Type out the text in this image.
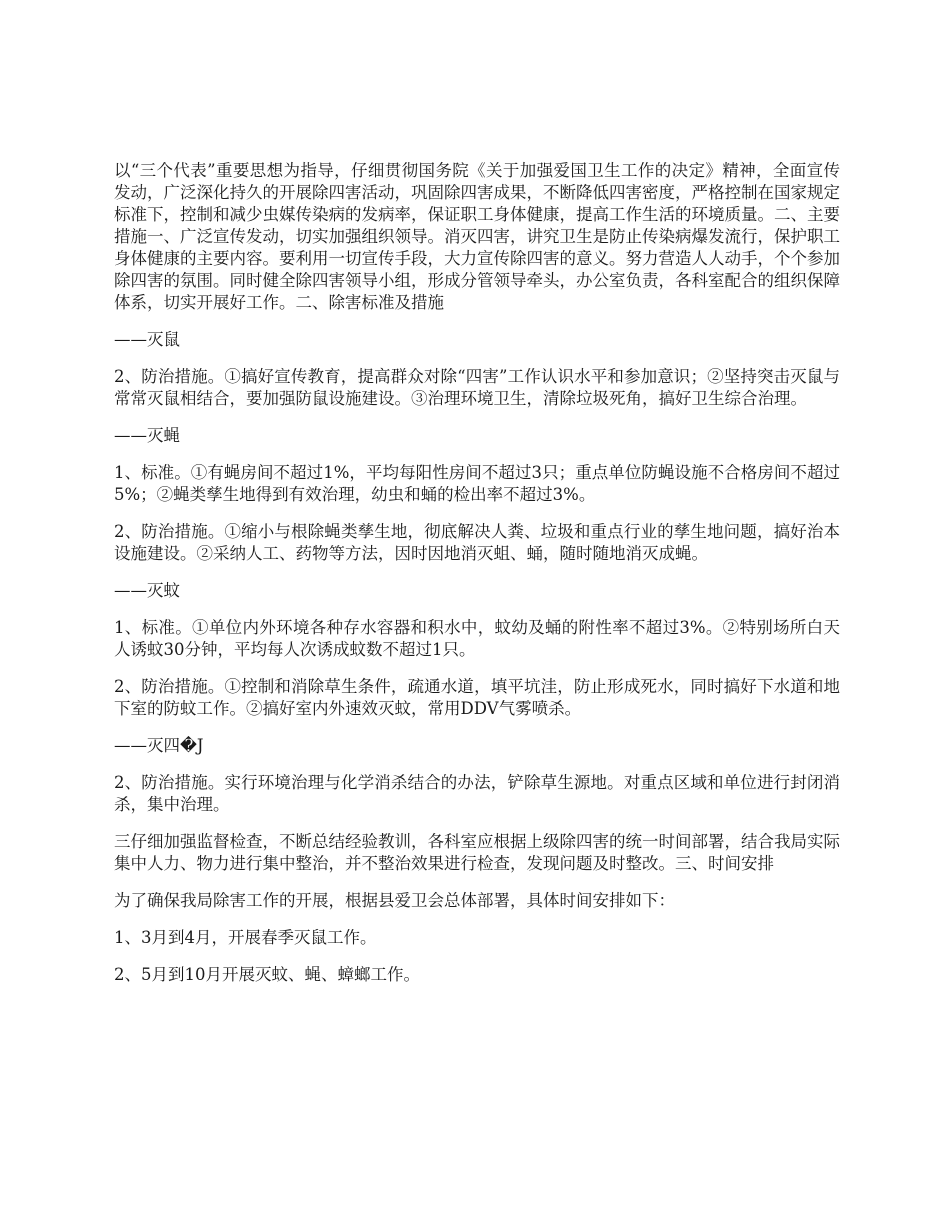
以“三个代表”重要思想为指导，仔细贯彻国务院《关于加强爱国卫生工作的决定》精神，全面宣传发动，广泛深化持久的开展除四害活动，巩固除四害成果，不断降低四害密度，严格控制在国家规定标准下，控制和减少虫媒传染病的发病率，保证职工身体健康，提高工作生活的环境质量。二、主要措施一、广泛宣传发动，切实加强组织领导。消灭四害，讲究卫生是防止传染病爆发流行，保护职工身体健康的主要内容。要利用一切宣传手段，大力宣传除四害的意义。努力营造人人动手，个个参加除四害的氛围。同时健全除四害领导小组，形成分管领导牵头，办公室负责，各科室配合的组织保障体系，切实开展好工作。二、除害标准及措施

——灭鼠

2、防治措施。①搞好宣传教育，提高群众对除“四害”工作认识水平和参加意识；②坚持突击灭鼠与常常灭鼠相结合，要加强防鼠设施建设。③治理环境卫生，清除垃圾死角，搞好卫生综合治理。

——灭蝇

1、标准。①有蝇房间不超过1%，平均每阳性房间不超过3只；重点单位防蝇设施不合格房间不超过5%；②蝇类孳生地得到有效治理，幼虫和蛹的检出率不超过3%。

2、防治措施。①缩小与根除蝇类孳生地，彻底解决人粪、垃圾和重点行业的孳生地问题，搞好治本设施建设。②采纳人工、药物等方法，因时因地消灭蛆、蛹，随时随地消灭成蝇。

——灭蚊

1、标准。①单位内外环境各种存水容器和积水中，蚊幼及蛹的附性率不超过3%。②特别场所白天人诱蚊30分钟，平均每人次诱成蚊数不超过1只。

2、防治措施。①控制和消除草生条件，疏通水道，填平坑洼，防止形成死水，同时搞好下水道和地下室的防蚊工作。②搞好室内外速效灭蚊，常用DDV气雾喷杀。

——灭四�J

2、防治措施。实行环境治理与化学消杀结合的办法，铲除草生源地。对重点区域和单位进行封闭消杀，集中治理。

三仔细加强监督检查，不断总结经验教训，各科室应根据上级除四害的统一时间部署，结合我局实际集中人力、物力进行集中整治，并不整治效果进行检查，发现问题及时整改。三、时间安排

为了确保我局除害工作的开展，根据县爱卫会总体部署，具体时间安排如下：

1、3月到4月，开展春季灭鼠工作。

2、5月到10月开展灭蚊、蝇、蟑螂工作。
